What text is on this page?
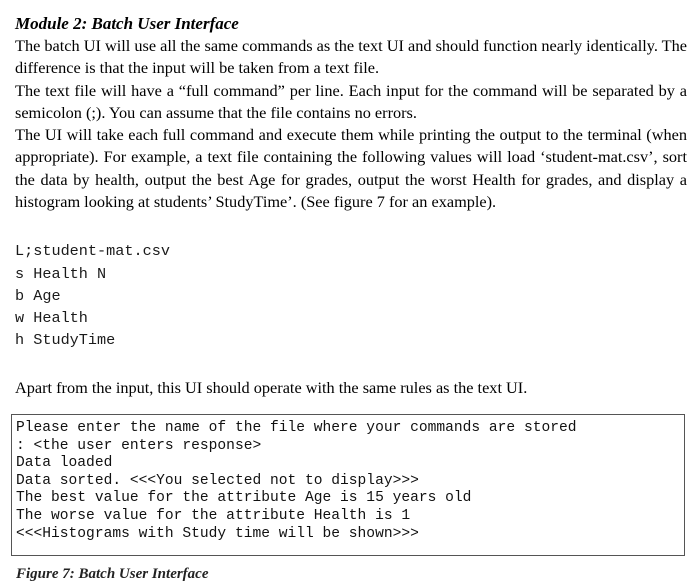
Module 2: Batch User Interface

The batch UI will use all the same commands as the text UI and should function nearly identically. The difference is that the input will be taken from a text file.

The text file will have a “full command” per line. Each input for the command will be separated by a semicolon (;). You can assume that the file contains no errors.

The UI will take each full command and execute them while printing the output to the terminal (when appropriate). For example, a text file containing the following values will load ‘student-mat.csv’, sort the data by health, output the best Age for grades, output the worst Health for grades, and display a histogram looking at students’ StudyTime’. (See figure 7 for an example).

L;student-mat.csv
s Health N
b Age
w Health
h StudyTime

Apart from the input, this UI should operate with the same rules as the text UI.

Please enter the name of the file where your commands are stored
: <the user enters response>
Data loaded
Data sorted. <<<You selected not to display>>>
The best value for the attribute Age is 15 years old
The worse value for the attribute Health is 1
<<<Histograms with Study time will be shown>>>
Figure 7: Batch User Interface
